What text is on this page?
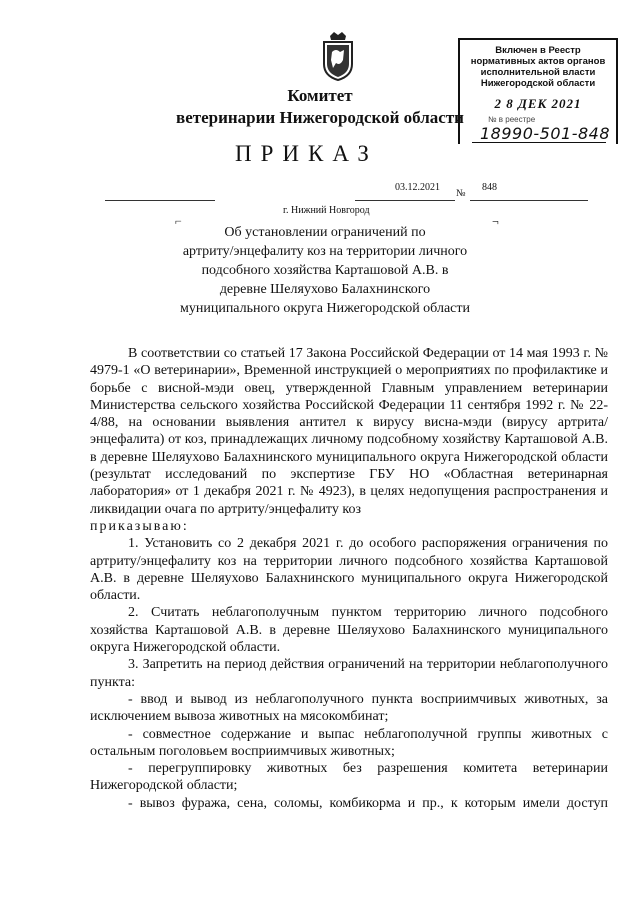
Комитет
ветеринарии Нижегородской области
Включен в Реестр
нормативных актов органов
исполнительной власти
Нижегородской области
2 8 ДЕК 2021
№ в реестре
18990-501-848
ПРИКАЗ
03.12.2021
№
848
г. Нижний Новгород
⌐	¬
Об установлении ограничений по
артриту/энцефалиту коз на территории личного
подсобного хозяйства Карташовой А.В. в
деревне Шеляухово Балахнинского
муниципального округа Нижегородской области

В соответствии со статьей 17 Закона Российской Федерации от 14 мая 1993 г. № 4979-1 «О ветеринарии», Временной инструкцией о мероприятиях по профилактике и борьбе с висной-мэди овец, утвержденной Главным управлением ветеринарии Министерства сельского хозяйства Российской Федерации 11 сентября 1992 г. № 22-4/88, на основании выявления антител к вирусу висна-мэди (вирусу артрита/энцефалита) от коз, принадлежащих личному подсобному хозяйству Карташовой А.В. в деревне Шеляухово Балахнинского муниципального округа Нижегородской области (результат исследований по экспертизе ГБУ НО «Областная ветеринарная лаборатория» от 1 декабря 2021 г. № 4923), в целях недопущения распространения и ликвидации очага по артриту/энцефалиту коз

приказываю:

1. Установить со 2 декабря 2021 г. до особого распоряжения ограничения по артриту/энцефалиту коз на территории личного подсобного хозяйства Карташовой А.В. в деревне Шеляухово Балахнинского муниципального округа Нижегородской области.

2. Считать неблагополучным пунктом территорию личного подсобного хозяйства Карташовой А.В. в деревне Шеляухово Балахнинского муниципального округа Нижегородской области.

3. Запретить на период действия ограничений на территории неблагополучного пункта:

- ввод и вывод из неблагополучного пункта восприимчивых животных, за исключением вывоза животных на мясокомбинат;

- совместное содержание и выпас неблагополучной группы животных с остальным поголовьем восприимчивых животных;

- перегруппировку животных без разрешения комитета ветеринарии Нижегородской области;

- вывоз фуража, сена, соломы, комбикорма и пр., к которым имели доступ
